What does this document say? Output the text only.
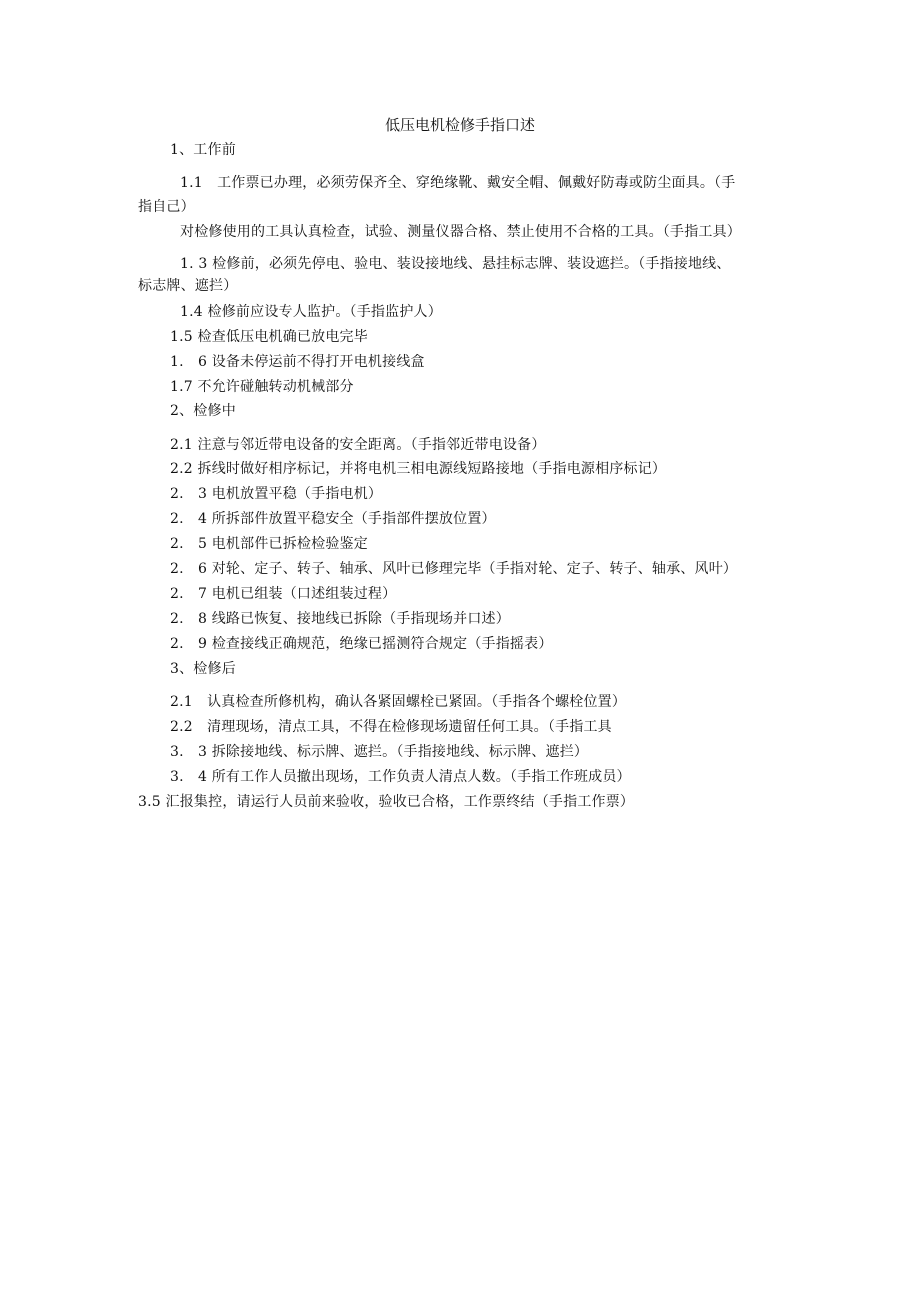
低压电机检修手指口述
1、工作前
1.1　工作票已办理，必须劳保齐全、穿绝缘靴、戴安全帽、佩戴好防毒或防尘面具。（手
指自己）
对检修使用的工具认真检查，试验、测量仪器合格、禁止使用不合格的工具。（手指工具）
1. 3 检修前，必须先停电、验电、装设接地线、悬挂标志牌、装设遮拦。（手指接地线、
标志牌、遮拦）
1.4 检修前应设专人监护。（手指监护人）
1.5 检查低压电机确已放电完毕
1.　6 设备未停运前不得打开电机接线盒
1.7 不允许碰触转动机械部分
2、检修中
2.1 注意与邻近带电设备的安全距离。（手指邻近带电设备）
2.2 拆线时做好相序标记，并将电机三相电源线短路接地（手指电源相序标记）
2.　3 电机放置平稳（手指电机）
2.　4 所拆部件放置平稳安全（手指部件摆放位置）
2.　5 电机部件已拆检检验鉴定
2.　6 对轮、定子、转子、轴承、风叶已修理完毕（手指对轮、定子、转子、轴承、风叶）
2.　7 电机已组装（口述组装过程）
2.　8 线路已恢复、接地线已拆除（手指现场并口述）
2.　9 检查接线正确规范，绝缘已摇测符合规定（手指摇表）
3、检修后
2.1　认真检查所修机构，确认各紧固螺栓已紧固。（手指各个螺栓位置）
2.2　清理现场，清点工具，不得在检修现场遗留任何工具。（手指工具
3.　3 拆除接地线、标示牌、遮拦。（手指接地线、标示牌、遮拦）
3.　4 所有工作人员撤出现场，工作负责人清点人数。（手指工作班成员）
3.5 汇报集控，请运行人员前来验收，验收已合格，工作票终结（手指工作票）
